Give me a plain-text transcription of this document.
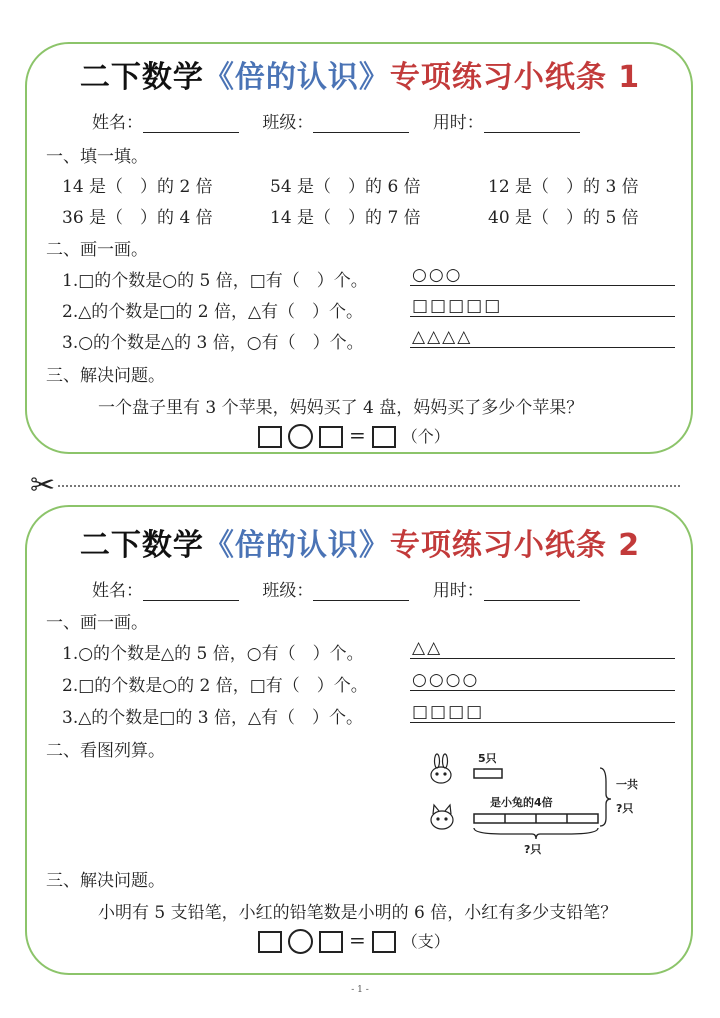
二下数学《倍的认识》专项练习小纸条 1
姓名：	班级：	用时：
一、填一填。
14 是（　）的 2 倍	54 是（　）的 6 倍	12 是（　）的 3 倍
36 是（　）的 4 倍	14 是（　）的 7 倍	40 是（　）的 5 倍
二、画一画。
1.□的个数是○的 5 倍，□有（　）个。	○○○
2.△的个数是□的 2 倍，△有（　）个。	□□□□□
3.○的个数是△的 3 倍，○有（　）个。	△△△△
三、解决问题。
一个盘子里有 3 个苹果，妈妈买了 4 盘，妈妈买了多少个苹果？
= （个）
✂
二下数学《倍的认识》专项练习小纸条 2
姓名：	班级：	用时：
一、画一画。
1.○的个数是△的 5 倍，○有（　）个。	△△
2.□的个数是○的 2 倍，□有（　）个。	○○○○
3.△的个数是□的 3 倍，△有（　）个。	□□□□
二、看图列算。	5只
是小兔的4倍
?只
一共
?只
三、解决问题。
小明有 5 支铅笔，小红的铅笔数是小明的 6 倍，小红有多少支铅笔？
= （支）
- 1 -
